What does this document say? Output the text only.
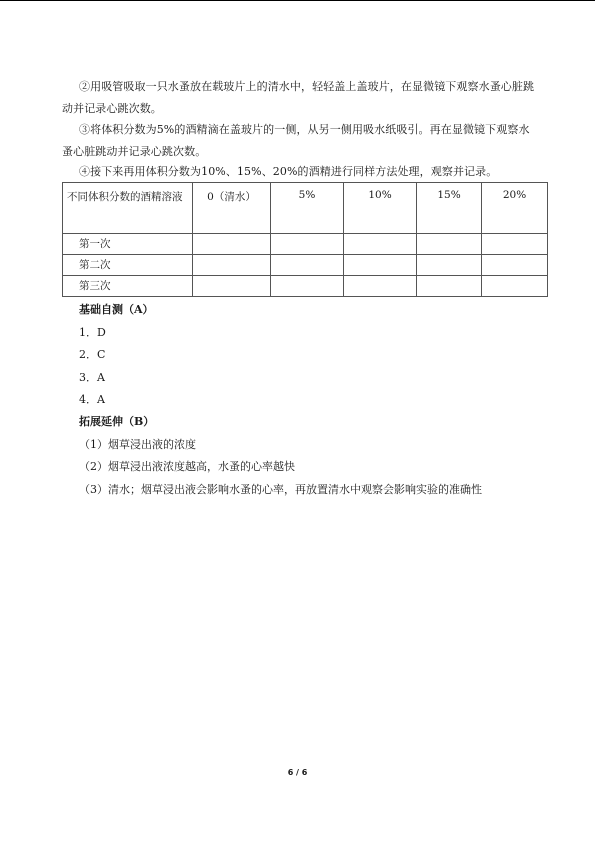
②用吸管吸取一只水蚤放在载玻片上的清水中，轻轻盖上盖玻片，在显微镜下观察水蚤心脏跳动并记录心跳次数。

③将体积分数为5%的酒精滴在盖玻片的一侧，从另一侧用吸水纸吸引。再在显微镜下观察水蚤心脏跳动并记录心跳次数。

④接下来再用体积分数为10%、15%、20%的酒精进行同样方法处理，观察并记录。

不同体积分数的酒精溶液	0（清水）	5%	10%	15%	20%
第一次					
第二次					
第三次					
基础自测（A）
1．D
2．C
3．A
4．A
拓展延伸（B）
（1）烟草浸出液的浓度
（2）烟草浸出液浓度越高，水蚤的心率越快
（3）清水；烟草浸出液会影响水蚤的心率，再放置清水中观察会影响实验的准确性
6 / 6
